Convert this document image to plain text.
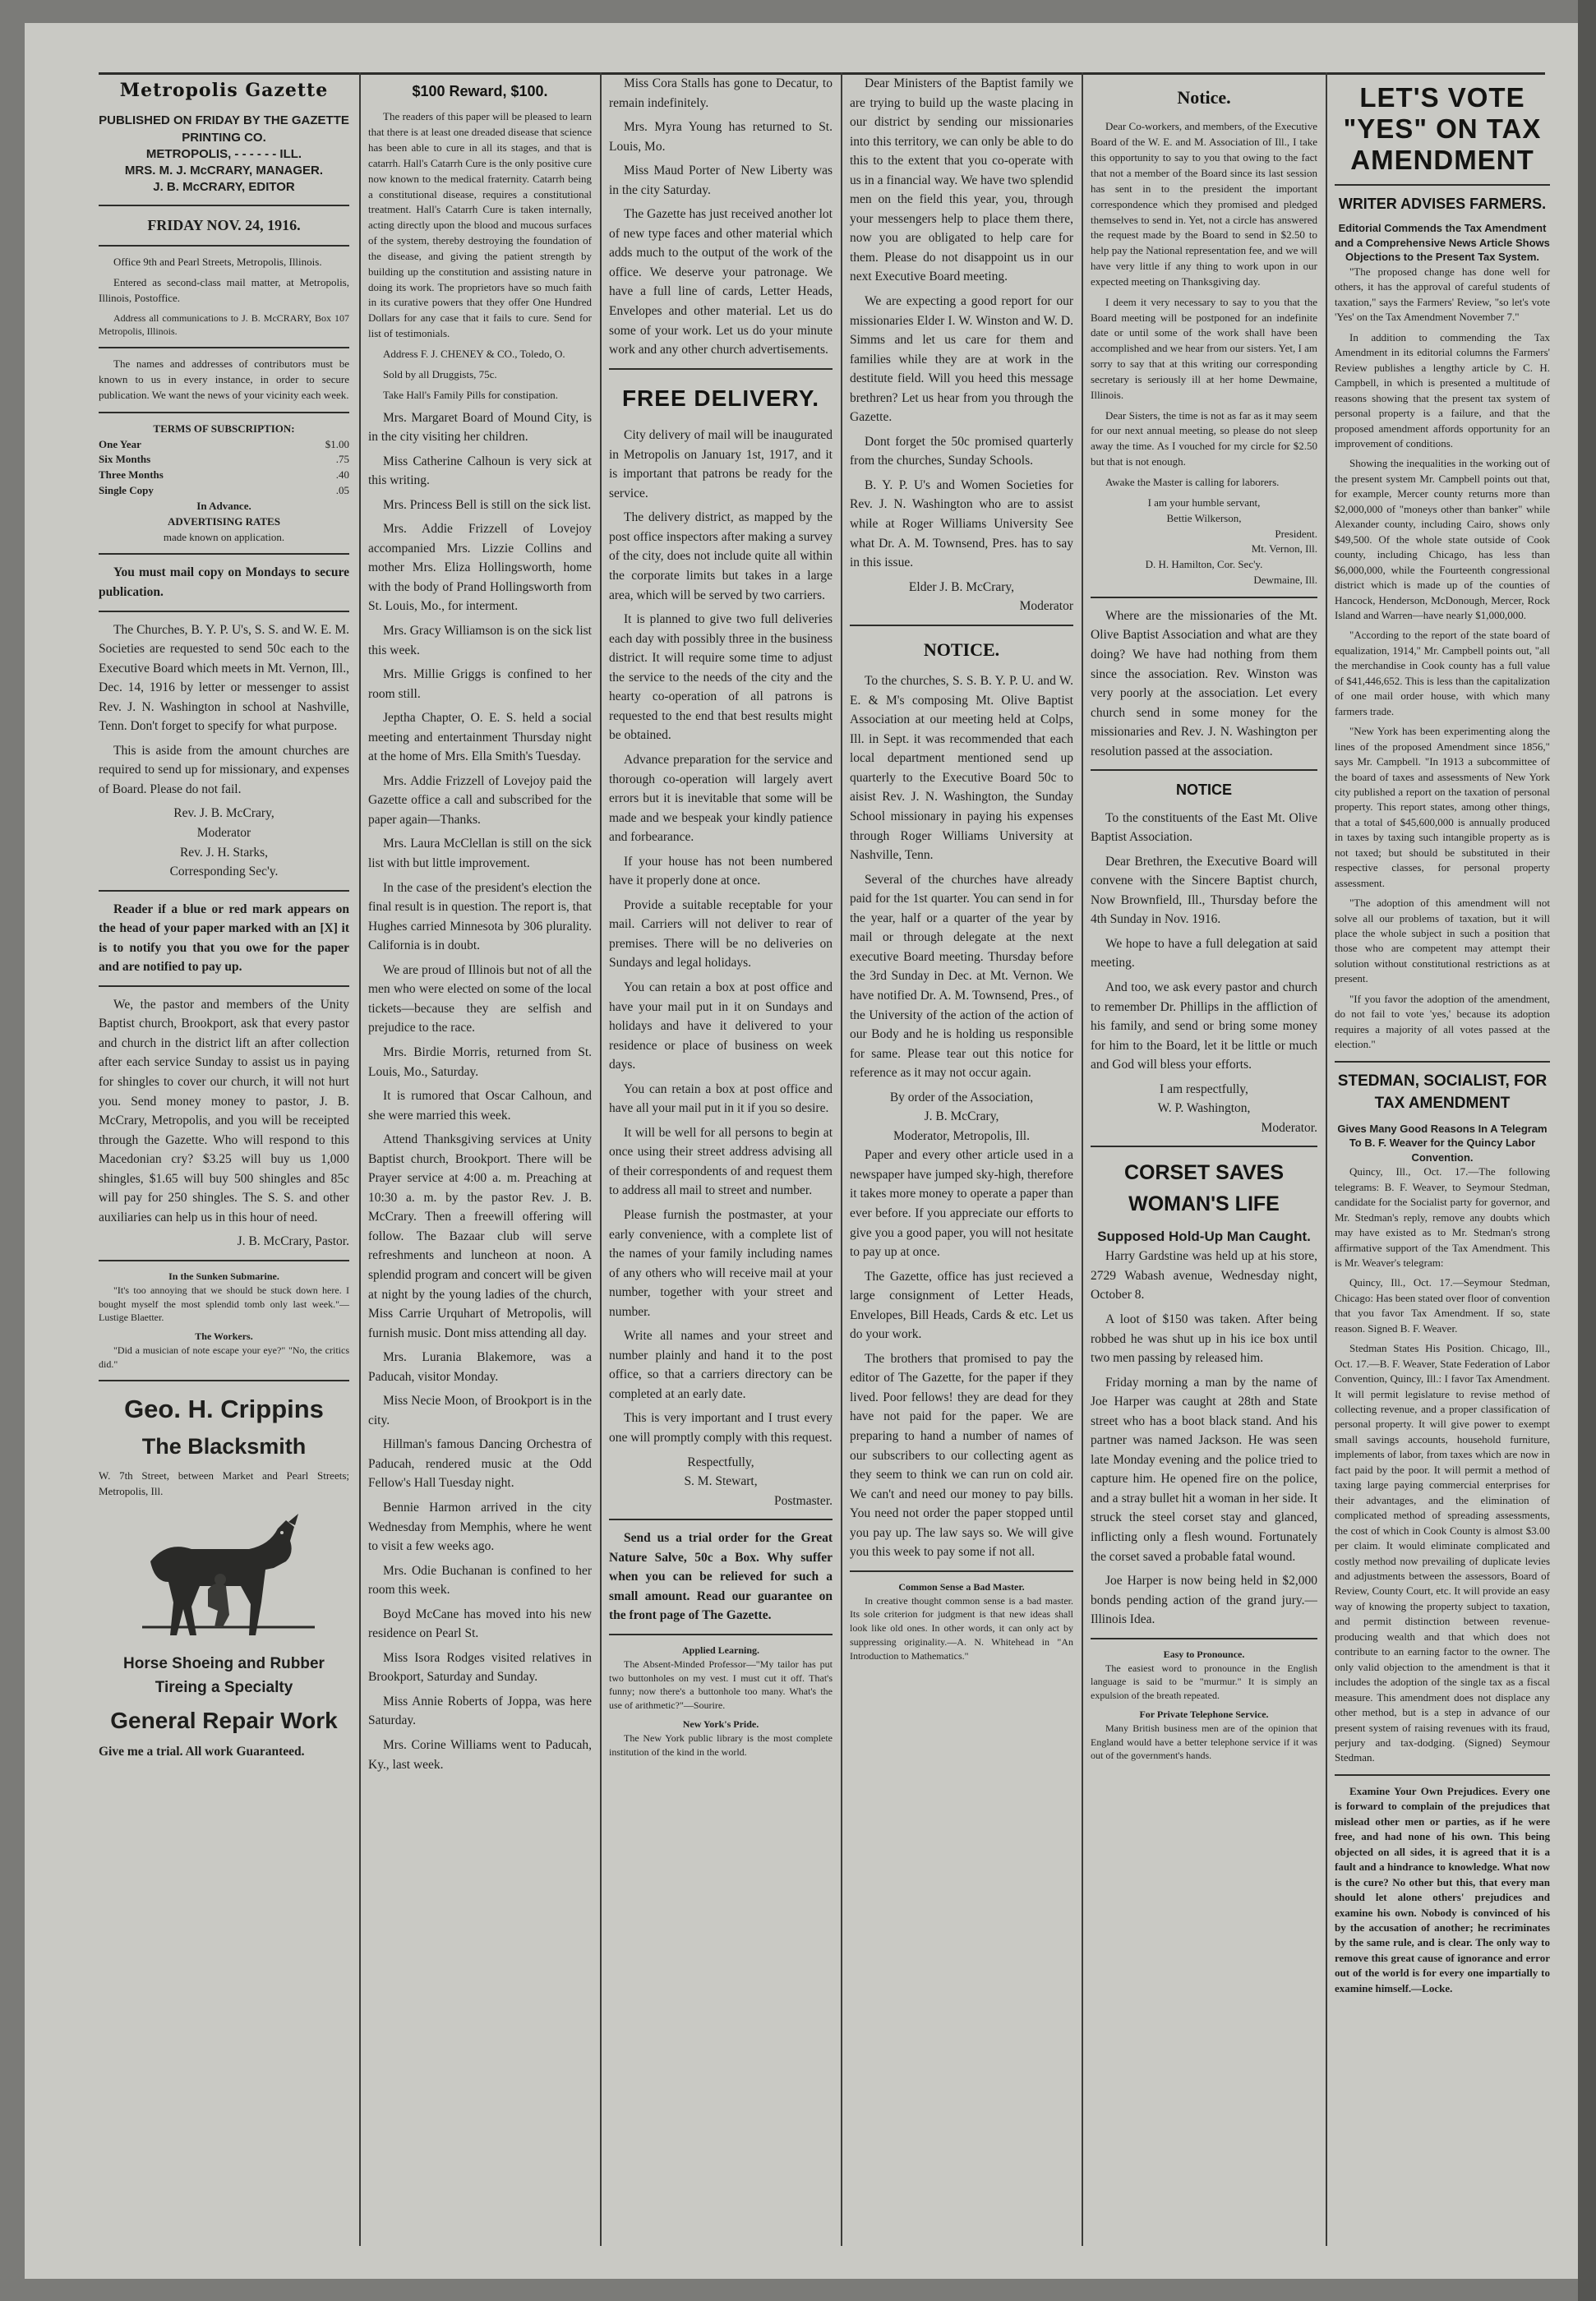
Metropolis Gazette
PUBLISHED ON FRIDAY BY THE GAZETTE PRINTING CO.
METROPOLIS, - - - - - - ILL.
MRS. M. J. McCRARY, MANAGER.
J. B. McCRARY, EDITOR
FRIDAY NOV. 24, 1916.

Office 9th and Pearl Streets, Metropolis, Illinois.

Entered as second-class mail matter, at Metropolis, Illinois, Postoffice.

Address all communications to J. B. McCRARY, Box 107 Metropolis, Illinois.

The names and addresses of contributors must be known to us in every instance, in order to secure publication. We want the news of your vicinity each week.

TERMS OF SUBSCRIPTION:
One Year	$1.00
Six Months	.75
Three Months	.40
Single Copy	.05
In Advance.
ADVERTISING RATES
made known on application.

You must mail copy on Mondays to secure publication.

The Churches, B. Y. P. U's, S. S. and W. E. M. Societies are requested to send 50c each to the Executive Board which meets in Mt. Vernon, Ill., Dec. 14, 1916 by letter or messenger to assist Rev. J. N. Washington in school at Nashville, Tenn. Don't forget to specify for what purpose.

This is aside from the amount churches are required to send up for missionary, and expenses of Board. Please do not fail.

Rev. J. B. McCrary,
Moderator
Rev. J. H. Starks,
Corresponding Sec'y.

Reader if a blue or red mark appears on the head of your paper marked with an [X] it is to notify you that you owe for the paper and are notified to pay up.

We, the pastor and members of the Unity Baptist church, Brookport, ask that every pastor and church in the district lift an after collection after each service Sunday to assist us in paying for shingles to cover our church, it will not hurt you. Send money money to pastor, J. B. McCrary, Metropolis, and you will be receipted through the Gazette. Who will respond to this Macedonian cry? $3.25 will buy us 1,000 shingles, $1.65 will buy 500 shingles and 85c will pay for 250 shingles. The S. S. and other auxiliaries can help us in this hour of need.

J. B. McCrary, Pastor.
In the Sunken Submarine.

"It's too annoying that we should be stuck down here. I bought myself the most splendid tomb only last week."—Lustige Blaetter.

The Workers.

"Did a musician of note escape your eye?" "No, the critics did."

Geo. H. Crippins
The Blacksmith

W. 7th Street, between Market and Pearl Streets; Metropolis, Ill.

Horse Shoeing and Rubber Tireing a Specialty
General Repair Work

Give me a trial. All work Guaranteed.

$100 Reward, $100.

The readers of this paper will be pleased to learn that there is at least one dreaded disease that science has been able to cure in all its stages, and that is catarrh. Hall's Catarrh Cure is the only positive cure now known to the medical fraternity. Catarrh being a constitutional disease, requires a constitutional treatment. Hall's Catarrh Cure is taken internally, acting directly upon the blood and mucous surfaces of the system, thereby destroying the foundation of the disease, and giving the patient strength by building up the constitution and assisting nature in doing its work. The proprietors have so much faith in its curative powers that they offer One Hundred Dollars for any case that it fails to cure. Send for list of testimonials.

Address F. J. CHENEY & CO., Toledo, O.

Sold by all Druggists, 75c.

Take Hall's Family Pills for constipation.

Mrs. Margaret Board of Mound City, is in the city visiting her children.

Miss Catherine Calhoun is very sick at this writing.

Mrs. Princess Bell is still on the sick list.

Mrs. Addie Frizzell of Lovejoy accompanied Mrs. Lizzie Collins and mother Mrs. Eliza Hollingsworth, home with the body of Prand Hollingsworth from St. Louis, Mo., for interment.

Mrs. Gracy Williamson is on the sick list this week.

Mrs. Millie Griggs is confined to her room still.

Jeptha Chapter, O. E. S. held a social meeting and entertainment Thursday night at the home of Mrs. Ella Smith's Tuesday.

Mrs. Addie Frizzell of Lovejoy paid the Gazette office a call and subscribed for the paper again—Thanks.

Mrs. Laura McClellan is still on the sick list with but little improvement.

In the case of the president's election the final result is in question. The report is, that Hughes carried Minnesota by 306 plurality. California is in doubt.

We are proud of Illinois but not of all the men who were elected on some of the local tickets—because they are selfish and prejudice to the race.

Mrs. Birdie Morris, returned from St. Louis, Mo., Saturday.

It is rumored that Oscar Calhoun, and she were married this week.

Attend Thanksgiving services at Unity Baptist church, Brookport. There will be Prayer service at 4:00 a. m. Preaching at 10:30 a. m. by the pastor Rev. J. B. McCrary. Then a freewill offering will follow. The Bazaar club will serve refreshments and luncheon at noon. A splendid program and concert will be given at night by the young ladies of the church, Miss Carrie Urquhart of Metropolis, will furnish music. Dont miss attending all day.

Mrs. Lurania Blakemore, was a Paducah, visitor Monday.

Miss Necie Moon, of Brookport is in the city.

Hillman's famous Dancing Orchestra of Paducah, rendered music at the Odd Fellow's Hall Tuesday night.

Bennie Harmon arrived in the city Wednesday from Memphis, where he went to visit a few weeks ago.

Mrs. Odie Buchanan is confined to her room this week.

Boyd McCane has moved into his new residence on Pearl St.

Miss Isora Rodges visited relatives in Brookport, Saturday and Sunday.

Miss Annie Roberts of Joppa, was here Saturday.

Mrs. Corine Williams went to Paducah, Ky., last week.

Miss Cora Stalls has gone to Decatur, to remain indefinitely.

Mrs. Myra Young has returned to St. Louis, Mo.

Miss Maud Porter of New Liberty was in the city Saturday.

The Gazette has just received another lot of new type faces and other material which adds much to the output of the work of the office. We deserve your patronage. We have a full line of cards, Letter Heads, Envelopes and other material. Let us do some of your work. Let us do your minute work and any other church advertisements.

FREE DELIVERY.

City delivery of mail will be inaugurated in Metropolis on January 1st, 1917, and it is important that patrons be ready for the service.

The delivery district, as mapped by the post office inspectors after making a survey of the city, does not include quite all within the corporate limits but takes in a large area, which will be served by two carriers.

It is planned to give two full deliveries each day with possibly three in the business district. It will require some time to adjust the service to the needs of the city and the hearty co-operation of all patrons is requested to the end that best results might be obtained.

Advance preparation for the service and thorough co-operation will largely avert errors but it is inevitable that some will be made and we bespeak your kindly patience and forbearance.

If your house has not been numbered have it properly done at once.

Provide a suitable receptable for your mail. Carriers will not deliver to rear of premises. There will be no deliveries on Sundays and legal holidays.

You can retain a box at post office and have your mail put in it on Sundays and holidays and have it delivered to your residence or place of business on week days.

You can retain a box at post office and have all your mail put in it if you so desire.

It will be well for all persons to begin at once using their street address advising all of their correspondents of and request them to address all mail to street and number.

Please furnish the postmaster, at your early convenience, with a complete list of the names of your family including names of any others who will receive mail at your number, together with your street and number.

Write all names and your street and number plainly and hand it to the post office, so that a carriers directory can be completed at an early date.

This is very important and I trust every one will promptly comply with this request.

Respectfully,
S. M. Stewart,
Postmaster.

Send us a trial order for the Great Nature Salve, 50c a Box. Why suffer when you can be relieved for such a small amount. Read our guarantee on the front page of The Gazette.

Applied Learning.

The Absent-Minded Professor—"My tailor has put two buttonholes on my vest. I must cut it off. That's funny; now there's a buttonhole too many. What's the use of arithmetic?"—Sourire.

New York's Pride.

The New York public library is the most complete institution of the kind in the world.

Dear Ministers of the Baptist family we are trying to build up the waste placing in our district by sending our missionaries into this territory, we can only be able to do this to the extent that you co-operate with us in a financial way. We have two splendid men on the field this year, you, through your messengers help to place them there, now you are obligated to help care for them. Please do not disappoint us in our next Executive Board meeting.

We are expecting a good report for our missionaries Elder I. W. Winston and W. D. Simms and let us care for them and families while they are at work in the destitute field. Will you heed this message brethren? Let us hear from you through the Gazette.

Dont forget the 50c promised quarterly from the churches, Sunday Schools.

B. Y. P. U's and Women Societies for Rev. J. N. Washington who are to assist while at Roger Williams University See what Dr. A. M. Townsend, Pres. has to say in this issue.

Elder J. B. McCrary,
Moderator
NOTICE.

To the churches, S. S. B. Y. P. U. and W. E. & M's composing Mt. Olive Baptist Association at our meeting held at Colps, Ill. in Sept. it was recommended that each local department mentioned send up quarterly to the Executive Board 50c to aisist Rev. J. N. Washington, the Sunday School missionary in paying his expenses through Roger Williams University at Nashville, Tenn.

Several of the churches have already paid for the 1st quarter. You can send in for the year, half or a quarter of the year by mail or through delegate at the next executive Board meeting. Thursday before the 3rd Sunday in Dec. at Mt. Vernon. We have notified Dr. A. M. Townsend, Pres., of the University of the action of the action of our Body and he is holding us responsible for same. Please tear out this notice for reference as it may not occur again.

By order of the Association,
J. B. McCrary,
Moderator, Metropolis, Ill.

Paper and every other article used in a newspaper have jumped sky-high, therefore it takes more money to operate a paper than ever before. If you appreciate our efforts to give you a good paper, you will not hesitate to pay up at once.

The Gazette, office has just recieved a large consignment of Letter Heads, Envelopes, Bill Heads, Cards & etc. Let us do your work.

The brothers that promised to pay the editor of The Gazette, for the paper if they lived. Poor fellows! they are dead for they have not paid for the paper. We are preparing to hand a number of names of our subscribers to our collecting agent as they seem to think we can run on cold air. We can't and need our money to pay bills. You need not order the paper stopped until you pay up. The law says so. We will give you this week to pay some if not all.

Common Sense a Bad Master.

In creative thought common sense is a bad master. Its sole criterion for judgment is that new ideas shall look like old ones. In other words, it can only act by suppressing originality.—A. N. Whitehead in "An Introduction to Mathematics."

Notice.

Dear Co-workers, and members, of the Executive Board of the W. E. and M. Association of Ill., I take this opportunity to say to you that owing to the fact that not a member of the Board since its last session has sent in to the president the important correspondence which they promised and pledged themselves to send in. Yet, not a circle has answered the request made by the Board to send in $2.50 to help pay the National representation fee, and we will have very little if any thing to work upon in our expected meeting on Thanksgiving day.

I deem it very necessary to say to you that the Board meeting will be postponed for an indefinite date or until some of the work shall have been accomplished and we hear from our sisters. Yet, I am sorry to say that at this writing our corresponding secretary is seriously ill at her home Dewmaine, Illinois.

Dear Sisters, the time is not as far as it may seem for our next annual meeting, so please do not sleep away the time. As I vouched for my circle for $2.50 but that is not enough.

Awake the Master is calling for laborers.

I am your humble servant,
Bettie Wilkerson,
President.
Mt. Vernon, Ill.
D. H. Hamilton, Cor. Sec'y.
Dewmaine, Ill.

Where are the missionaries of the Mt. Olive Baptist Association and what are they doing? We have had nothing from them since the association. Rev. Winston was very poorly at the association. Let every church send in some money for the missionaries and Rev. J. N. Washington per resolution passed at the association.

NOTICE

To the constituents of the East Mt. Olive Baptist Association.

Dear Brethren, the Executive Board will convene with the Sincere Baptist church, Now Brownfield, Ill., Thursday before the 4th Sunday in Nov. 1916.

We hope to have a full delegation at said meeting.

And too, we ask every pastor and church to remember Dr. Phillips in the affliction of his family, and send or bring some money for him to the Board, let it be little or much and God will bless your efforts.

I am respectfully,
W. P. Washington,
Moderator.
CORSET SAVES WOMAN'S LIFE
Supposed Hold-Up Man Caught.

Harry Gardstine was held up at his store, 2729 Wabash avenue, Wednesday night, October 8.

A loot of $150 was taken. After being robbed he was shut up in his ice box until two men passing by released him.

Friday morning a man by the name of Joe Harper was caught at 28th and State street who has a boot black stand. And his partner was named Jackson. He was seen late Monday evening and the police tried to capture him. He opened fire on the police, and a stray bullet hit a woman in her side. It struck the steel corset stay and glanced, inflicting only a flesh wound. Fortunately the corset saved a probable fatal wound.

Joe Harper is now being held in $2,000 bonds pending action of the grand jury.—Illinois Idea.

Easy to Pronounce.

The easiest word to pronounce in the English language is said to be "murmur." It is simply an expulsion of the breath repeated.

For Private Telephone Service.

Many British business men are of the opinion that England would have a better telephone service if it was out of the government's hands.

LET'S VOTE "YES" ON TAX AMENDMENT
WRITER ADVISES FARMERS.
Editorial Commends the Tax Amendment and a Comprehensive News Article Shows Objections to the Present Tax System.

"The proposed change has done well for others, it has the approval of careful students of taxation," says the Farmers' Review, "so let's vote 'Yes' on the Tax Amendment November 7."

In addition to commending the Tax Amendment in its editorial columns the Farmers' Review publishes a lengthy article by C. H. Campbell, in which is presented a multitude of reasons showing that the present tax system of personal property is a failure, and that the proposed amendment affords opportunity for an improvement of conditions.

Showing the inequalities in the working out of the present system Mr. Campbell points out that, for example, Mercer county returns more than $2,000,000 of "moneys other than banker" while Alexander county, including Cairo, shows only $49,500. Of the whole state outside of Cook county, including Chicago, has less than $6,000,000, while the Fourteenth congressional district which is made up of the counties of Hancock, Henderson, McDonough, Mercer, Rock Island and Warren—have nearly $1,000,000.

"According to the report of the state board of equalization, 1914," Mr. Campbell points out, "all the merchandise in Cook county has a full value of $41,446,652. This is less than the capitalization of one mail order house, with which many farmers trade.

"New York has been experimenting along the lines of the proposed Amendment since 1856," says Mr. Campbell. "In 1913 a subcommittee of the board of taxes and assessments of New York city published a report on the taxation of personal property. This report states, among other things, that a total of $45,600,000 is annually produced in taxes by taxing such intangible property as is not taxed; but should be substituted in their respective classes, for personal property assessment.

"The adoption of this amendment will not solve all our problems of taxation, but it will place the whole subject in such a position that those who are competent may attempt their solution without constitutional restrictions as at present.

"If you favor the adoption of the amendment, do not fail to vote 'yes,' because its adoption requires a majority of all votes passed at the election."

STEDMAN, SOCIALIST, FOR TAX AMENDMENT
Gives Many Good Reasons In A Telegram To B. F. Weaver for the Quincy Labor Convention.

Quincy, Ill., Oct. 17.—The following telegrams: B. F. Weaver, to Seymour Stedman, candidate for the Socialist party for governor, and Mr. Stedman's reply, remove any doubts which may have existed as to Mr. Stedman's strong affirmative support of the Tax Amendment. This is Mr. Weaver's telegram:

Quincy, Ill., Oct. 17.—Seymour Stedman, Chicago: Has been stated over floor of convention that you favor Tax Amendment. If so, state reason. Signed B. F. Weaver.

Stedman States His Position. Chicago, Ill., Oct. 17.—B. F. Weaver, State Federation of Labor Convention, Quincy, Ill.: I favor Tax Amendment. It will permit legislature to revise method of collecting revenue, and a proper classification of personal property. It will give power to exempt small savings accounts, household furniture, implements of labor, from taxes which are now in fact paid by the poor. It will permit a method of taxing large paying commercial enterprises for their advantages, and the elimination of complicated method of spreading assessments, the cost of which in Cook County is almost $3.00 per claim. It would eliminate complicated and costly method now prevailing of duplicate levies and adjustments between the assessors, Board of Review, County Court, etc. It will provide an easy way of knowing the property subject to taxation, and permit distinction between revenue-producing wealth and that which does not contribute to an earning factor to the owner. The only valid objection to the amendment is that it includes the adoption of the single tax as a fiscal measure. This amendment does not displace any other method, but is a step in advance of our present system of raising revenues with its fraud, perjury and tax-dodging. (Signed) Seymour Stedman.

Examine Your Own Prejudices. Every one is forward to complain of the prejudices that mislead other men or parties, as if he were free, and had none of his own. This being objected on all sides, it is agreed that it is a fault and a hindrance to knowledge. What now is the cure? No other but this, that every man should let alone others' prejudices and examine his own. Nobody is convinced of his by the accusation of another; he recriminates by the same rule, and is clear. The only way to remove this great cause of ignorance and error out of the world is for every one impartially to examine himself.—Locke.
